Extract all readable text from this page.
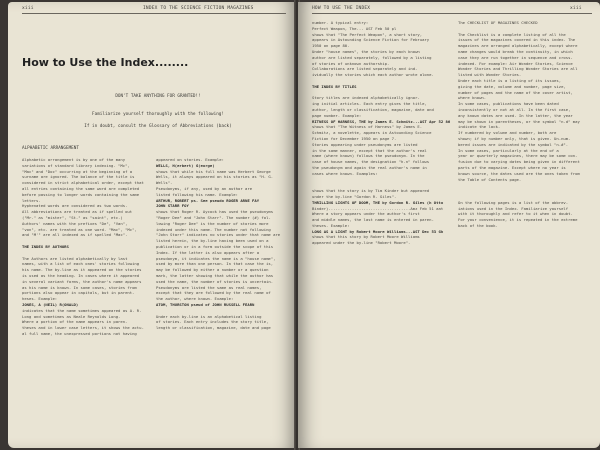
xiii	INDEX TO THE SCIENCE FICTION MAGAZINES
How to Use the Index........
DON'T TAKE ANYTHING FOR GRANTED!!
Familiarize yourself thoroughly with the following!
If in doubt, consult the Glossary of Abbreviations (back)
ALPHABETIC ARRANGEMENT
Alphabetic arrangement is by one of the many
variations of standard library indexing. "Mc",
"Mac" and "Doc" occurring at the beginning of a
surname are ignored. The balance of the title is
considered in strict alphabetical order, except that
all entries containing the same word are completed
before passing to longer words containing the same
letters.
Hyphenated words are considered as two words.
All abbreviations are treated as if spelled out
("Mr." as "mister", "St." as "saint", etc.)
Authors' names with the prefixes "De", "Van",
"von", etc. are treated as one word. "Mac", "Mc",
and "M'" are all indexed as if spelled "Mac".

THE INDEX BY AUTHORS

The Authors are listed alphabetically by last
names, with a list of each ones' stories following
his name. The by-line as it appeared on the stories
is used as the heading. In cases where it appeared
in several variant forms, the author's name appears
as his name is known. In some cases, stories from
portions also appear in capitals, but in parent-
heses. Example:
JONES, A (NEIL) R(ONALD)
indicates that the name sometimes appeared as A. R.
Long and sometimes as Neale Reynolds Long.
Where a portion of the name appears in paren-
theses and in lower case letters, it shows the actu-
al full name, the unexpressed portions not having
appeared on stories. Example:
WELLS, H(erbert) G(eorge)
shows that while his full name was Herbert George
Wells, it always appeared on his stories as "H. G.
Wells".
Pseudonyms, if any, used by an author are
listed following his name. Example:
ARTHUR, ROBERT ps. See pseudo ROGER ARNE FAY
JOHN STARR FOY
shows that Roger R. Aycock has used the pseudonyms
"Roger Dee" and "John Starr". The number (#) fol-
lowing "Roger Dee" is the number of stories more
indexed under this name. The number not following
"John Starr" indicates no stories under that name are
listed herein, the by-line having been used on a
publication or in a form outside the scope of this
Index. If the latter is also appears after a
pseudonym, it indicates the name is a "house name",
used by more than one person. In that case the is,
may be followed by either a number or a question
mark, the latter showing that while the author has
used the name, the number of stories is uncertain.
Pseudonyms are listed the same as real names,
except that they are followed by the real name of
the author, where known. Example:
ATOM, THURSTON pseud of JOHN RUSSELL FEARN

Under each by-line is an alphabetical listing
of stories. Each entry includes the story title,
length or classification, magazine, date and page
HOW TO USE THE INDEX	xiii
number. A typical entry:
Perfect Weapon, The... AST Feb 50 pl
shows that "The Perfect Weapon", a short story,
appears in Astounding Science Fiction for February
1950 on page 80.
Under "house names", the stories by each known
author are listed separately, followed by a listing
of stories of unknown authorship.
Collaborations are listed separately and ind-
ividually the stories which each author wrote alone.

THE INDEX BY TITLES

Story titles are indexed alphabetically ignor-
ing initial articles. Each entry gives the title,
author, length or classification, magazine, date and
page number. Example:
RITNESS OF HARNESS, THE by James E. Schmitz...AST Apr 52 86
shows that "The Witness of Harness" by James E.
Schmitz, a novelette, appears in Astounding Science
Fiction for December 1950 on page 7.
Stories appearing under pseudonyms are listed
in the same manner, except that the author's real
name (where known) follows the pseudonym. In the
case of house names, the designation "h.n" follows
the pseudonym and again the real author's name in
cases where known. Examples:

shows that the story is by Tim Kinder but appeared
under the by-line "Gordon R. Giles".
THRILLING LIGHTS OF DOOM, THE by Gordon R. Giles (h Otto
Binder)...................................Amz Feb 51 aat
Where a story appears under the author's first
and middle names, the last name is entered in paren-
theses. Example:
LONG AS A LIGHT by Robert Moore Williams...AST Dec 53 Gh
shows that this story by Robert Moore Williams
appeared under the by-line "Robert Moore".
The CHECKLIST OF MAGAZINES CHECKED

The Checklist is a complete listing of all the
issues of the magazines covered in this index. The
magazines are arranged alphabetically, except where
name changes would break the continuity, in which
case they are run together in sequence and cross-
indexed. For example: Air Wonder Stories, Science
Wonder Stories and Thrilling Wonder Stories are all
listed with Wonder Stories.
Under each title is a listing of its issues,
giving the date, volume and number, page size,
number of pages and the name of the cover artist,
where known.
In some cases, publications have been dated
inconsistently or not at all. In the first case,
any known dates are used. In the latter, the year
may be shown in parentheses, or the symbol "n.d" may
indicate the lack.
If numbered by volume and number, both are
shown; if by number only, that is given. Un-num-
bered issues are indicated by the symbol "n.#".
In some cases, particularly at the end of a
year or quarterly magazines, there may be some con-
fusion due to varying dates being given in different
parts of the magazine. Except where no year is
known source, the dates used are the ones taken from
the Table of Contents page.

On the following pages is a list of the abbrev-
iations used in the Index. Familiarize yourself
with it thoroughly and refer to it when in doubt.
For your convenience, it is repeated in the extreme
back of the book.
